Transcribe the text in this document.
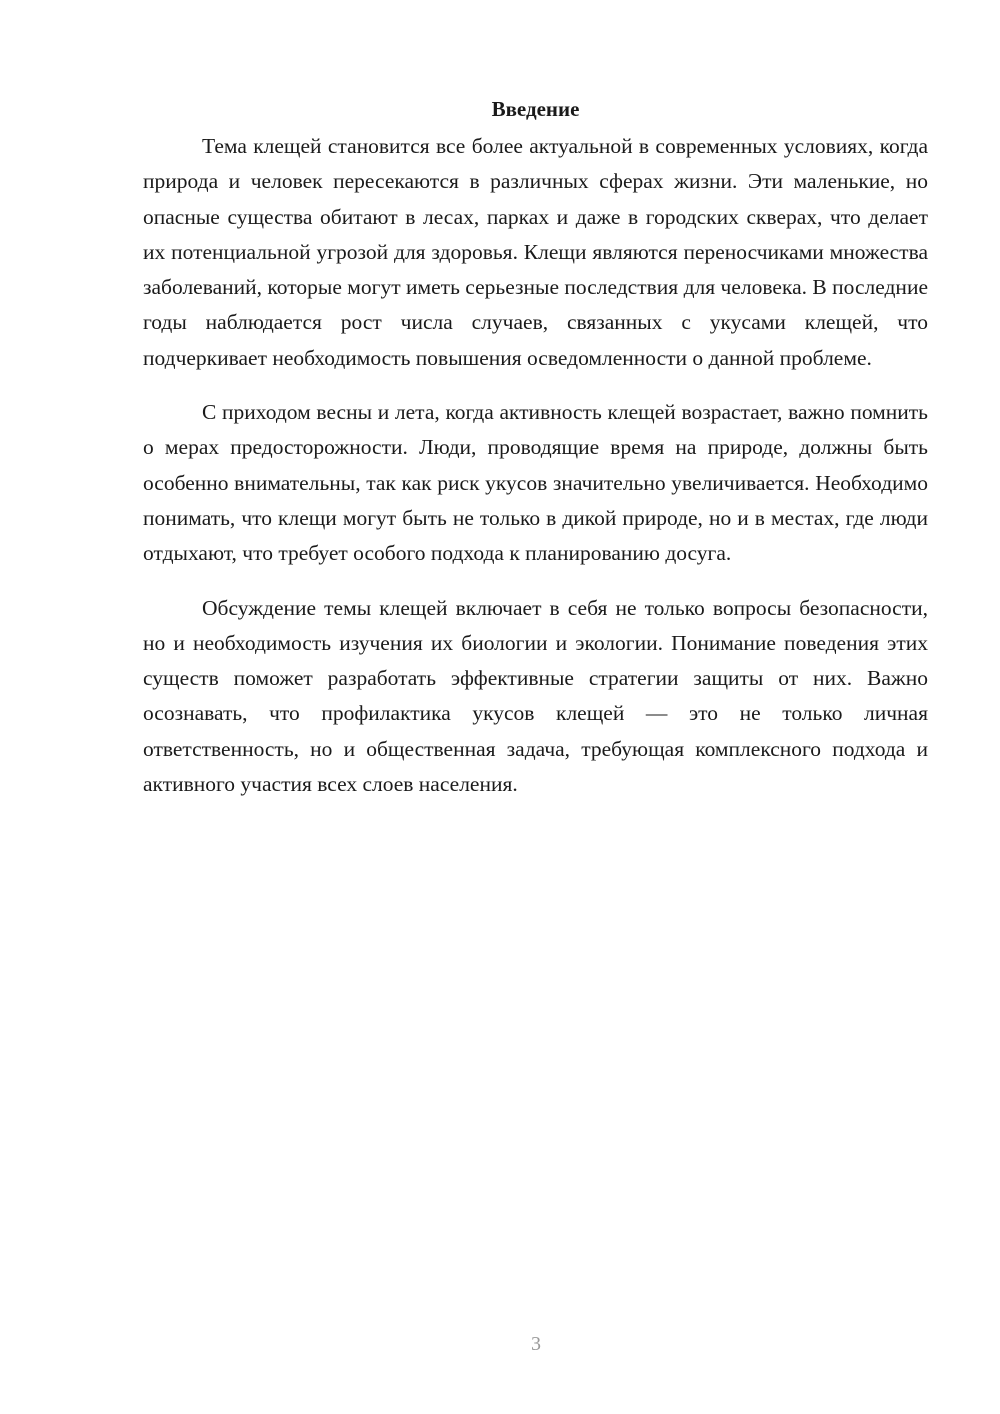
Введение

Тема клещей становится все более актуальной в современных условиях, когда природа и человек пересекаются в различных сферах жизни. Эти маленькие, но опасные существа обитают в лесах, парках и даже в городских скверах, что делает их потенциальной угрозой для здоровья. Клещи являются переносчиками множества заболеваний, которые могут иметь серьезные последствия для человека. В последние годы наблюдается рост числа случаев, связанных с укусами клещей, что подчеркивает необходимость повышения осведомленности о данной проблеме.

С приходом весны и лета, когда активность клещей возрастает, важно помнить о мерах предосторожности. Люди, проводящие время на природе, должны быть особенно внимательны, так как риск укусов значительно увеличивается. Необходимо понимать, что клещи могут быть не только в дикой природе, но и в местах, где люди отдыхают, что требует особого подхода к планированию досуга.

Обсуждение темы клещей включает в себя не только вопросы безопасности, но и необходимость изучения их биологии и экологии. Понимание поведения этих существ поможет разработать эффективные стратегии защиты от них. Важно осознавать, что профилактика укусов клещей — это не только личная ответственность, но и общественная задача, требующая комплексного подхода и активного участия всех слоев населения.

3
